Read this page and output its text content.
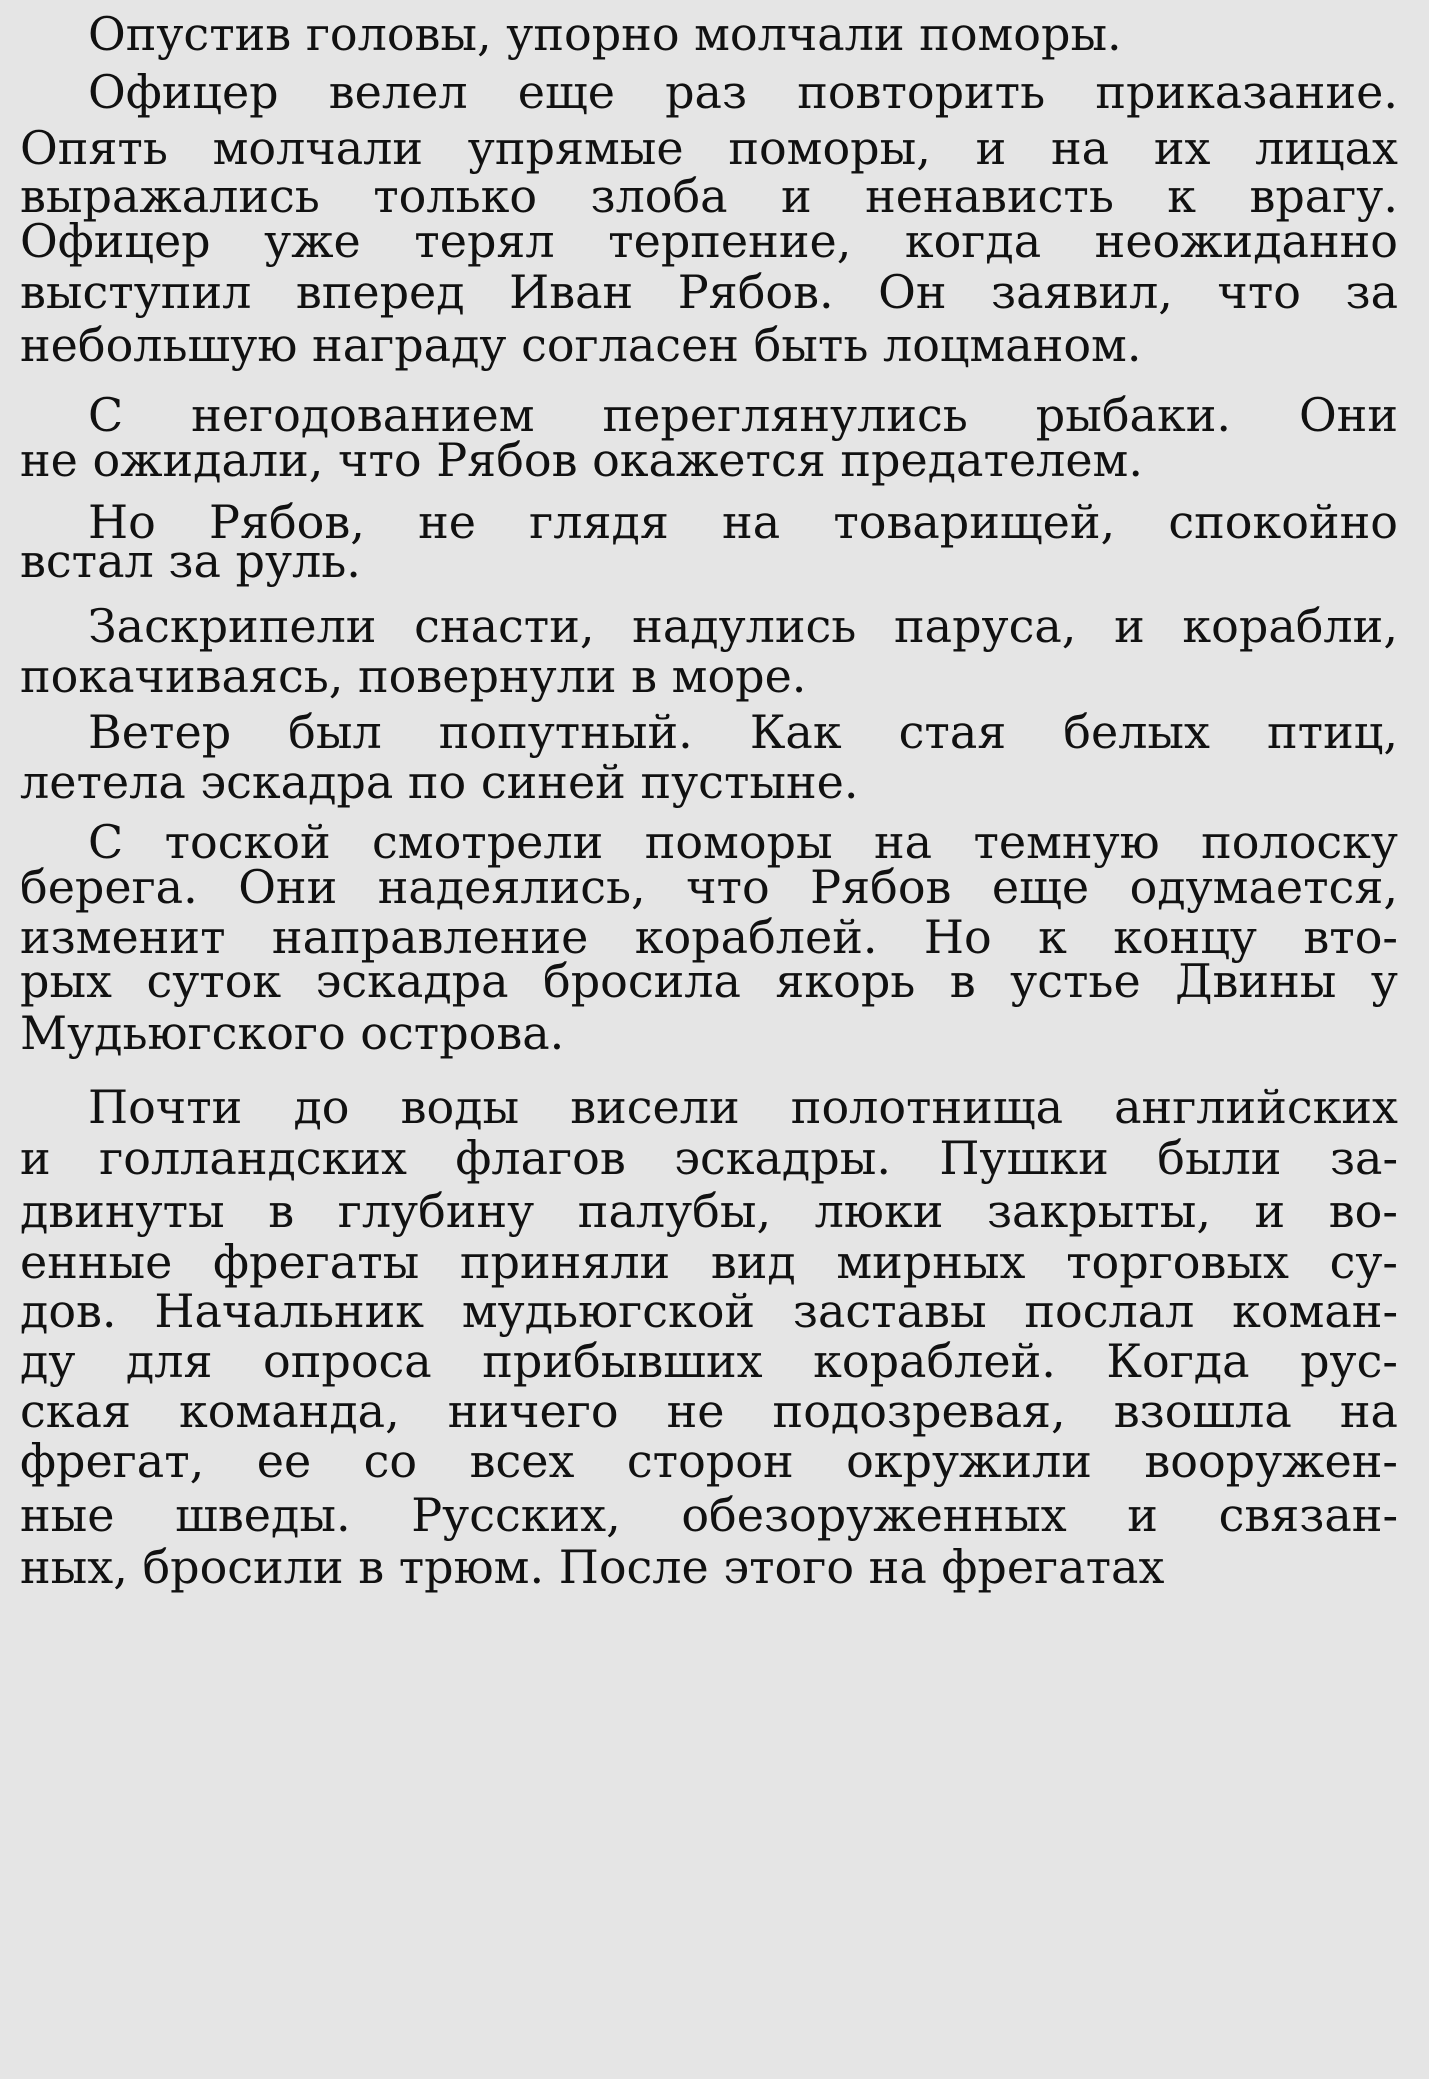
Опустив головы, упорно молчали поморы.
Офицер велел еще раз повторить приказание.
Опять молчали упрямые поморы, и на их лицах
выражались только злоба и ненависть к врагу.
Офицер уже терял терпение, когда неожиданно
выступил вперед Иван Рябов. Он заявил, что за
небольшую награду согласен быть лоцманом.
С негодованием переглянулись рыбаки. Они
не ожидали, что Рябов окажется предателем.
Но Рябов, не глядя на товарищей, спокойно
встал за руль.
Заскрипели снасти, надулись паруса, и корабли,
покачиваясь, повернули в море.
Ветер был попутный. Как стая белых птиц,
летела эскадра по синей пустыне.
С тоской смотрели поморы на темную полоску
берега. Они надеялись, что Рябов еще одумается,
изменит направление кораблей. Но к концу вто-
рых суток эскадра бросила якорь в устье Двины у
Мудьюгского острова.
Почти до воды висели полотнища английских
и голландских флагов эскадры. Пушки были за-
двинуты в глубину палубы, люки закрыты, и во-
енные фрегаты приняли вид мирных торговых су-
дов. Начальник мудьюгской заставы послал коман-
ду для опроса прибывших кораблей. Когда рус-
ская команда, ничего не подозревая, взошла на
фрегат, ее со всех сторон окружили вооружен-
ные шведы. Русских, обезоруженных и связан-
ных, бросили в трюм. После этого на фрегатах
